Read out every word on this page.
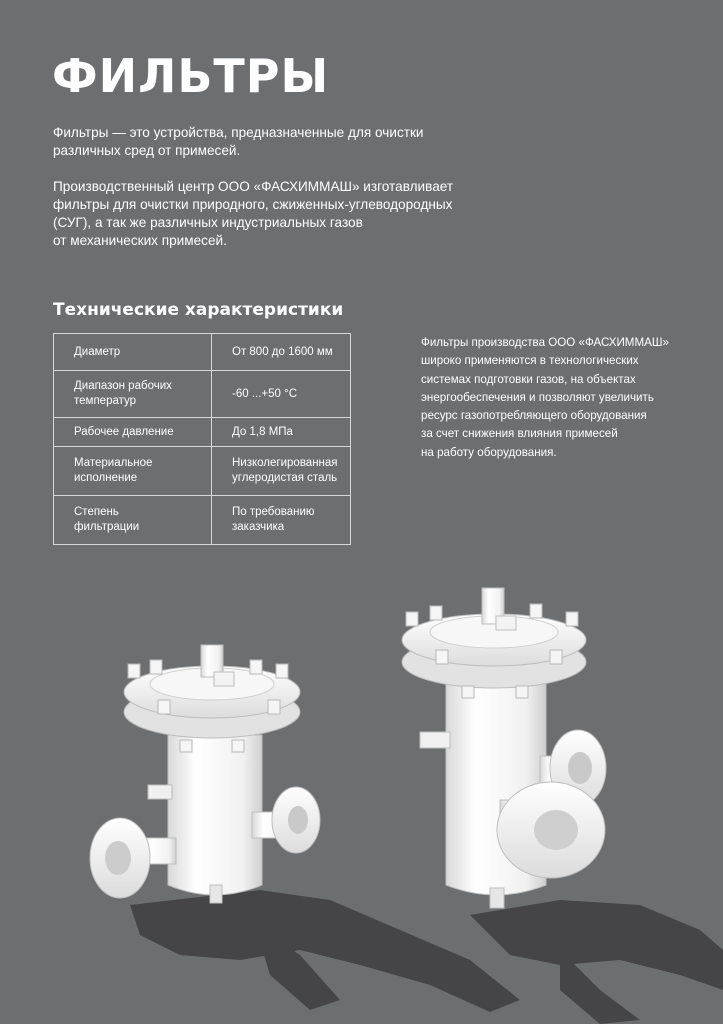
ФИЛЬТРЫ

Фильтры — это устройства, предназначенные для очистки
различных сред от примесей.

Производственный центр ООО «ФАСХИММАШ» изготавливает
фильтры для очистки природного, сжиженных-углеводородных
(СУГ), а так же различных индустриальных газов
от механических примесей.

Технические характеристики
Диаметр	От 800 до 1600 мм
Диапазон рабочих
температур	-60 ...+50 °С
Рабочее давление	До 1,8 МПа
Материальное
исполнение	Низколегированная
углеродистая сталь
Степень
фильтрации	По требованию
заказчика
Фильтры производства ООО «ФАСХИММАШ»
широко применяются в технологических
системах подготовки газов, на объектах
энергообеспечения и позволяют увеличить
ресурс газопотребляющего оборудования
за счет снижения влияния примесей
на работу оборудования.
